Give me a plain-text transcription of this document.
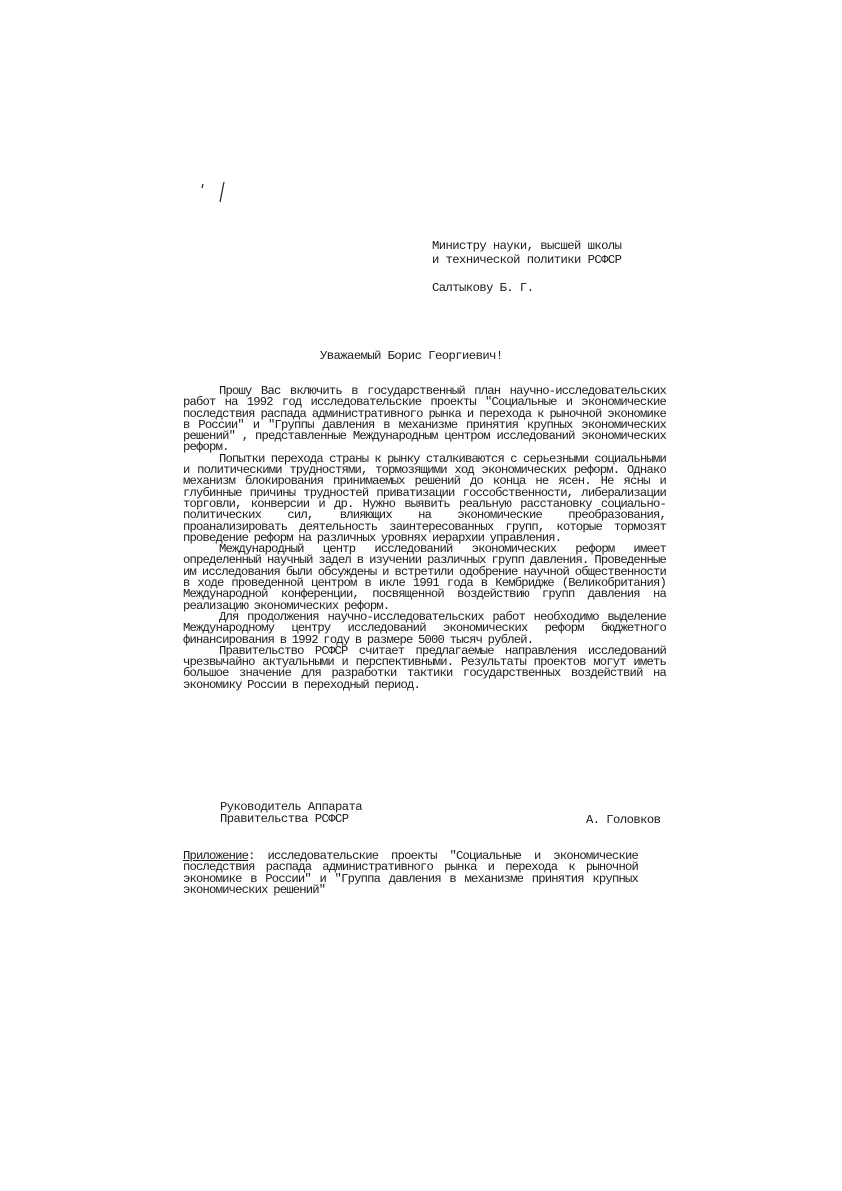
Министру науки, высшей школы
и технической политики РСФСР
Салтыкову Б. Г.
Уважаемый Борис Георгиевич!

Прошу Вас включить в государственный план научно-исследовательских работ на 1992 год исследовательские проекты "Социальные и экономические последствия распада административного рынка и перехода к рыночной экономике в России" и "Группы давления в механизме принятия крупных экономических решений" , представленные Международным центром исследований экономических реформ.

Попытки перехода страны к рынку сталкиваются с серьезными социальными и политическими трудностями, тормозящими ход экономических реформ. Однако механизм блокирования принимаемых решений до конца не ясен. Не ясны и глубинные причины трудностей приватизации госсобственности, либерализации торговли, конверсии и др. Нужно выявить реальную расстановку социально-политических сил, влияющих на экономические преобразования, проанализировать деятельность заинтересованных групп, которые тормозят проведение реформ на различных уровнях иерархии управления.

Международный центр исследований экономических реформ имеет определенный научный задел в изучении различных групп давления. Проведенные им исследования были обсуждены и встретили одобрение научной общественности в ходе проведенной центром в икле 1991 года в Кембридже (Великобритания) Международной конференции, посвященной воздействию групп давления на реализацию экономических реформ.

Для продолжения научно-исследовательских работ необходимо выделение Международному центру исследований экономических реформ бюджетного финансирования в 1992 году в размере 5000 тысяч рублей.

Правительство РСФСР считает предлагаемые направления исследований чрезвычайно актуальными и перспективными. Результаты проектов могут иметь большое значение для разработки тактики государственных воздействий на экономику России в переходный период.

Руководитель Аппарата
Правительства РСФСР	А. Головков
Приложение: исследовательские проекты "Социальные и экономические последствия распада административного рынка и перехода к рыночной экономике в России" и "Группа давления в механизме принятия крупных экономических решений"
